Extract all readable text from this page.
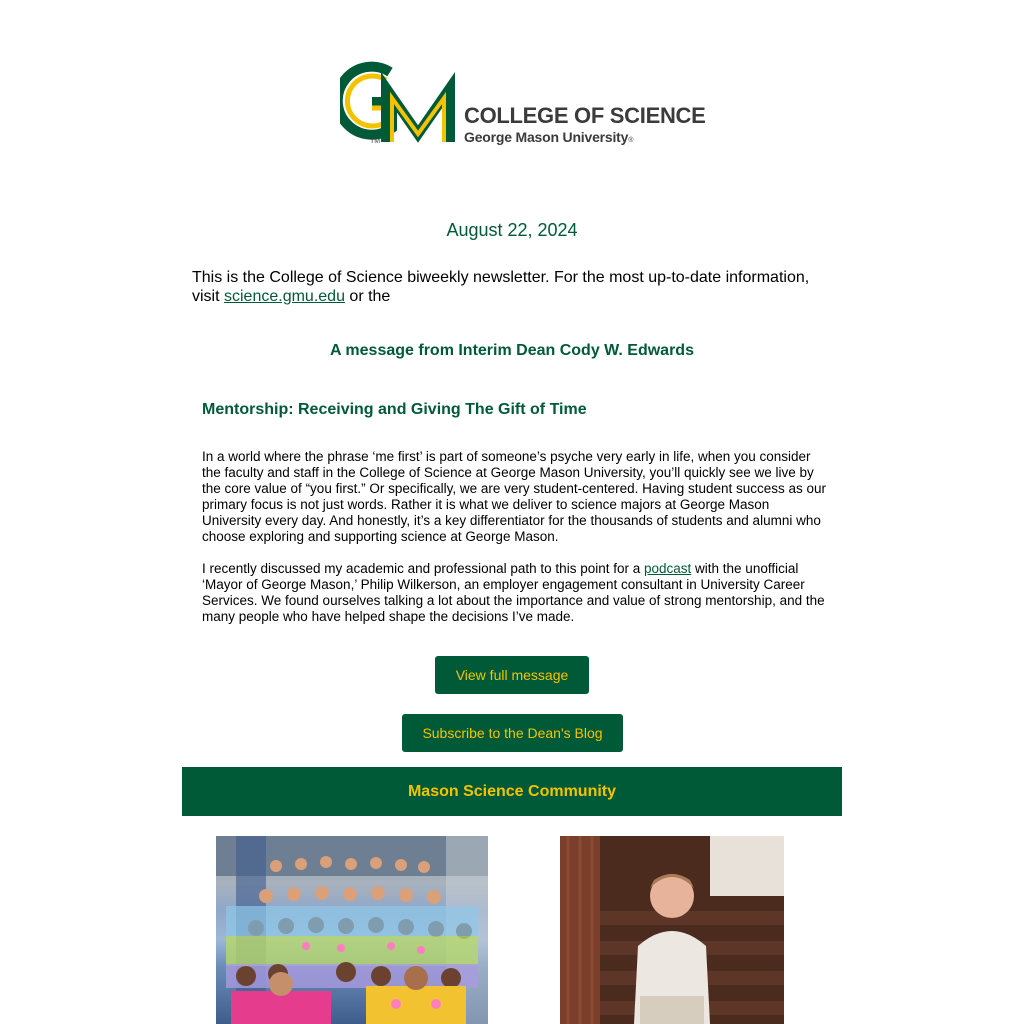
TM
COLLEGE OF SCIENCE
George Mason University®
August 22, 2024
This is the College of Science biweekly newsletter. For the most up-to-date information, visit science.gmu.edu or the
A message from Interim Dean Cody W. Edwards
Mentorship: Receiving and Giving The Gift of Time
In a world where the phrase ‘me first’ is part of someone’s psyche very early in life, when you consider the faculty and staff in the College of Science at George Mason University, you’ll quickly see we live by the core value of “you first.” Or specifically, we are very student-centered. Having student success as our primary focus is not just words. Rather it is what we deliver to science majors at George Mason University every day. And honestly, it’s a key differentiator for the thousands of students and alumni who choose exploring and supporting science at George Mason.
I recently discussed my academic and professional path to this point for a podcast with the unofficial ‘Mayor of George Mason,’ Philip Wilkerson, an employer engagement consultant in University Career Services. We found ourselves talking a lot about the importance and value of strong mentorship, and the many people who have helped shape the decisions I’ve made.
View full message
Subscribe to the Dean's Blog
Mason Science Community
